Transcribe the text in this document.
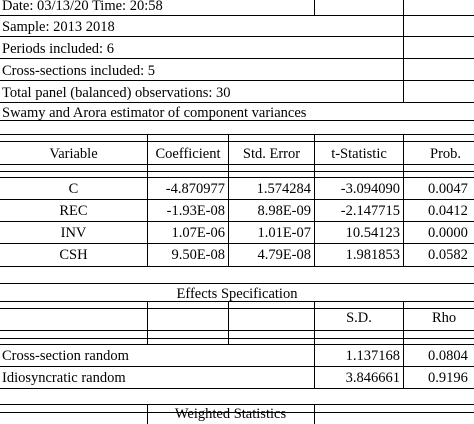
Date: 03/13/20 Time: 20:58
Sample: 2013 2018
Periods included: 6
Cross-sections included: 5
Total panel (balanced) observations: 30
Swamy and Arora estimator of component variances
Variable	Coefficient	Std. Error	t-Statistic	Prob.
C	-4.870977	1.574284	-3.094090 0.0047
REC	-1.93E-08	8.98E-09	-2.147715 0.0412
INV	1.07E-06	1.01E-07	10.54123 0.0000
CSH	9.50E-08	4.79E-08	1.981853 0.0582
Effects Specification
S.D.	Rho
Cross-section random	1.137168 0.0804
Idiosyncratic random	3.846661 0.9196
Weighted Statistics
